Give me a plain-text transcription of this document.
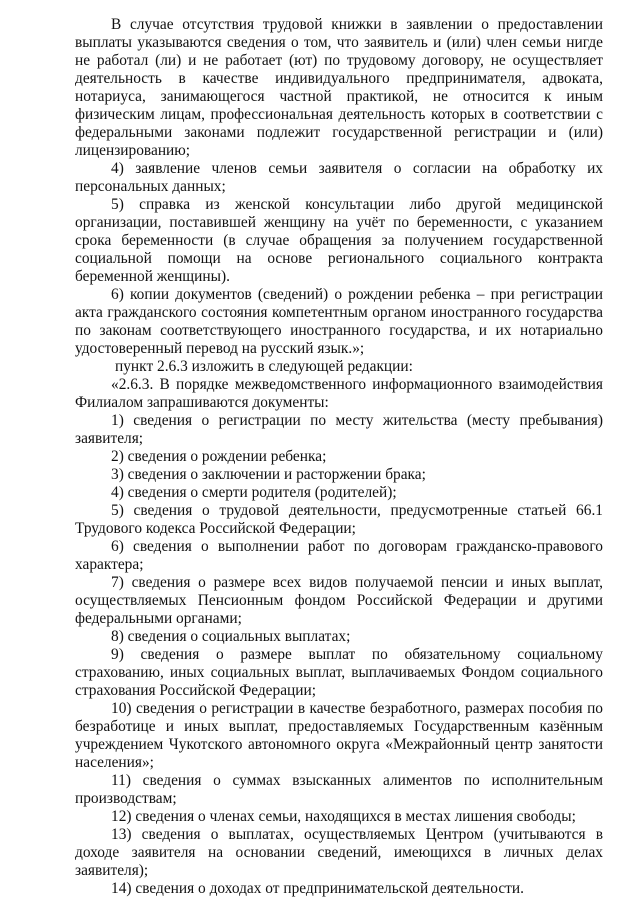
В случае отсутствия трудовой книжки в заявлении о предоставлении выплаты указываются сведения о том, что заявитель и (или) член семьи нигде не работал (ли) и не работает (ют) по трудовому договору, не осуществляет деятельность в качестве индивидуального предпринимателя, адвоката, нотариуса, занимающегося частной практикой, не относится к иным физическим лицам, профессиональная деятельность которых в соответствии с федеральными законами подлежит государственной регистрации и (или) лицензированию;

4) заявление членов семьи заявителя о согласии на обработку их персональных данных;

5) справка из женской консультации либо другой медицинской организации, поставившей женщину на учёт по беременности, с указанием срока беременности (в случае обращения за получением государственной социальной помощи на основе регионального социального контракта беременной женщины).

6) копии документов (сведений) о рождении ребенка – при регистрации акта гражданского состояния компетентным органом иностранного государства по законам соответствующего иностранного государства, и их нотариально удостоверенный перевод на русский язык.»;

пункт 2.6.3 изложить в следующей редакции:

«2.6.3. В порядке межведомственного информационного взаимодействия Филиалом запрашиваются документы:

1) сведения о регистрации по месту жительства (месту пребывания) заявителя;

2) сведения о рождении ребенка;

3) сведения о заключении и расторжении брака;

4) сведения о смерти родителя (родителей);

5) сведения о трудовой деятельности, предусмотренные статьей 66.1 Трудового кодекса Российской Федерации;

6) сведения о выполнении работ по договорам гражданско-правового характера;

7) сведения о размере всех видов получаемой пенсии и иных выплат, осуществляемых Пенсионным фондом Российской Федерации и другими федеральными органами;

8) сведения о социальных выплатах;

9) сведения о размере выплат по обязательному социальному страхованию, иных социальных выплат, выплачиваемых Фондом социального страхования Российской Федерации;

10) сведения о регистрации в качестве безработного, размерах пособия по безработице и иных выплат, предоставляемых Государственным казённым учреждением Чукотского автономного округа «Межрайонный центр занятости населения»;

11) сведения о суммах взысканных алиментов по исполнительным производствам;

12) сведения о членах семьи, находящихся в местах лишения свободы;

13) сведения о выплатах, осуществляемых Центром (учитываются в доходе заявителя на основании сведений, имеющихся в личных делах заявителя);

14) сведения о доходах от предпринимательской деятельности.
